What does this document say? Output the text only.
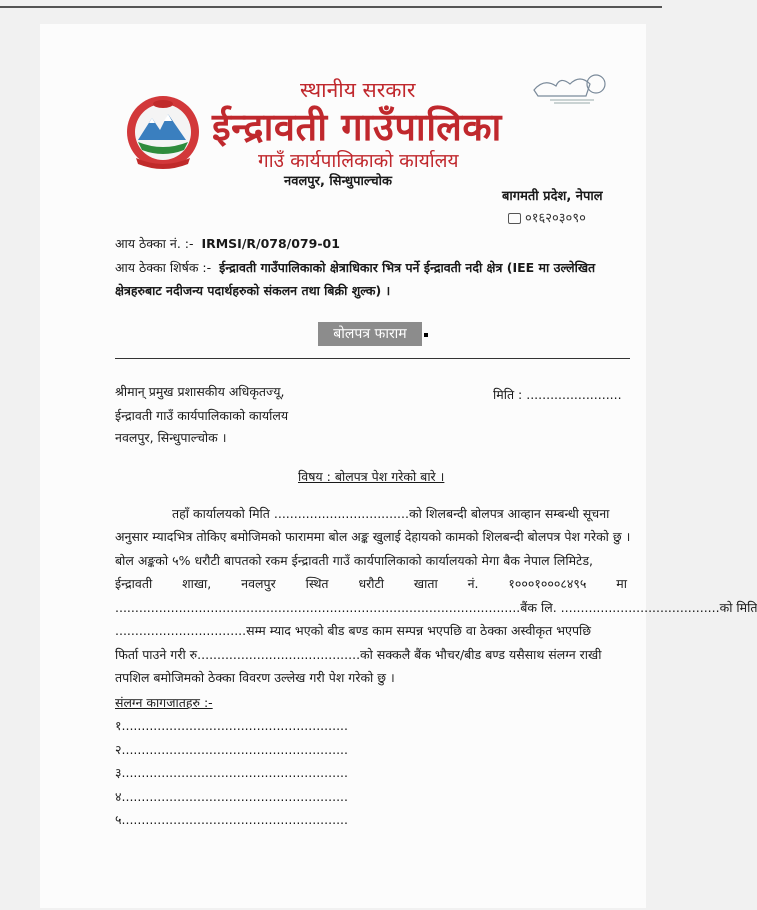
स्थानीय सरकार
ईन्द्रावती गाउँपालिका
गाउँ कार्यपालिकाको कार्यालय
नवलपुर, सिन्धुपाल्चोक
बागमती प्रदेश, नेपाल
०१६२०३०९०
आय ठेक्का नं. :- IRMSI/R/078/079-01
आय ठेक्का शिर्षक :- ईन्द्रावती गाउँपालिकाको क्षेत्राधिकार भित्र पर्ने ईन्द्रावती नदी क्षेत्र (IEE मा उल्लेखित
क्षेत्रहरुबाट नदीजन्य पदार्थहरुको संकलन तथा बिक्री शुल्क) ।
बोलपत्र फाराम
श्रीमान् प्रमुख प्रशासकीय अधिकृतज्यू,
ईन्द्रावती गाउँ कार्यपालिकाको कार्यालय
नवलपुर, सिन्धुपाल्चोक ।
मिति : ........................
विषय : बोलपत्र पेश गरेको बारे ।
तहाँ कार्यालयको मिति ..................................को शिलबन्दी बोलपत्र आव्हान सम्बन्धी सूचना
अनुसार म्यादभित्र तोकिए बमोजिमको फाराममा बोल अङ्क खुलाई देहायको कामको शिलबन्दी बोलपत्र पेश गरेको छु ।
बोल अङ्कको ५% धरौटी बापतको रकम ईन्द्रावती गाउँ कार्यपालिकाको कार्यालयको मेगा बैक नेपाल लिमिटेड,
ईन्द्रावती शाखा, नवलपुर स्थित धरौटी खाता नं. १०००१०००८४९५ मा
......................................................................................................बैंक लि. ........................................को मिति
.................................सम्म म्याद भएको बीड बण्ड काम सम्पन्न भएपछि वा ठेक्का अस्वीकृत भएपछि
फिर्ता पाउने गरी रु.........................................को सक्कलै बैंक भौचर/बीड बण्ड यसैसाथ संलग्न राखी
तपशिल बमोजिमको ठेक्का विवरण उल्लेख गरी पेश गरेको छु ।
संलग्न कागजातहरु :-
१.........................................................
२.........................................................
३.........................................................
४.........................................................
५.........................................................
